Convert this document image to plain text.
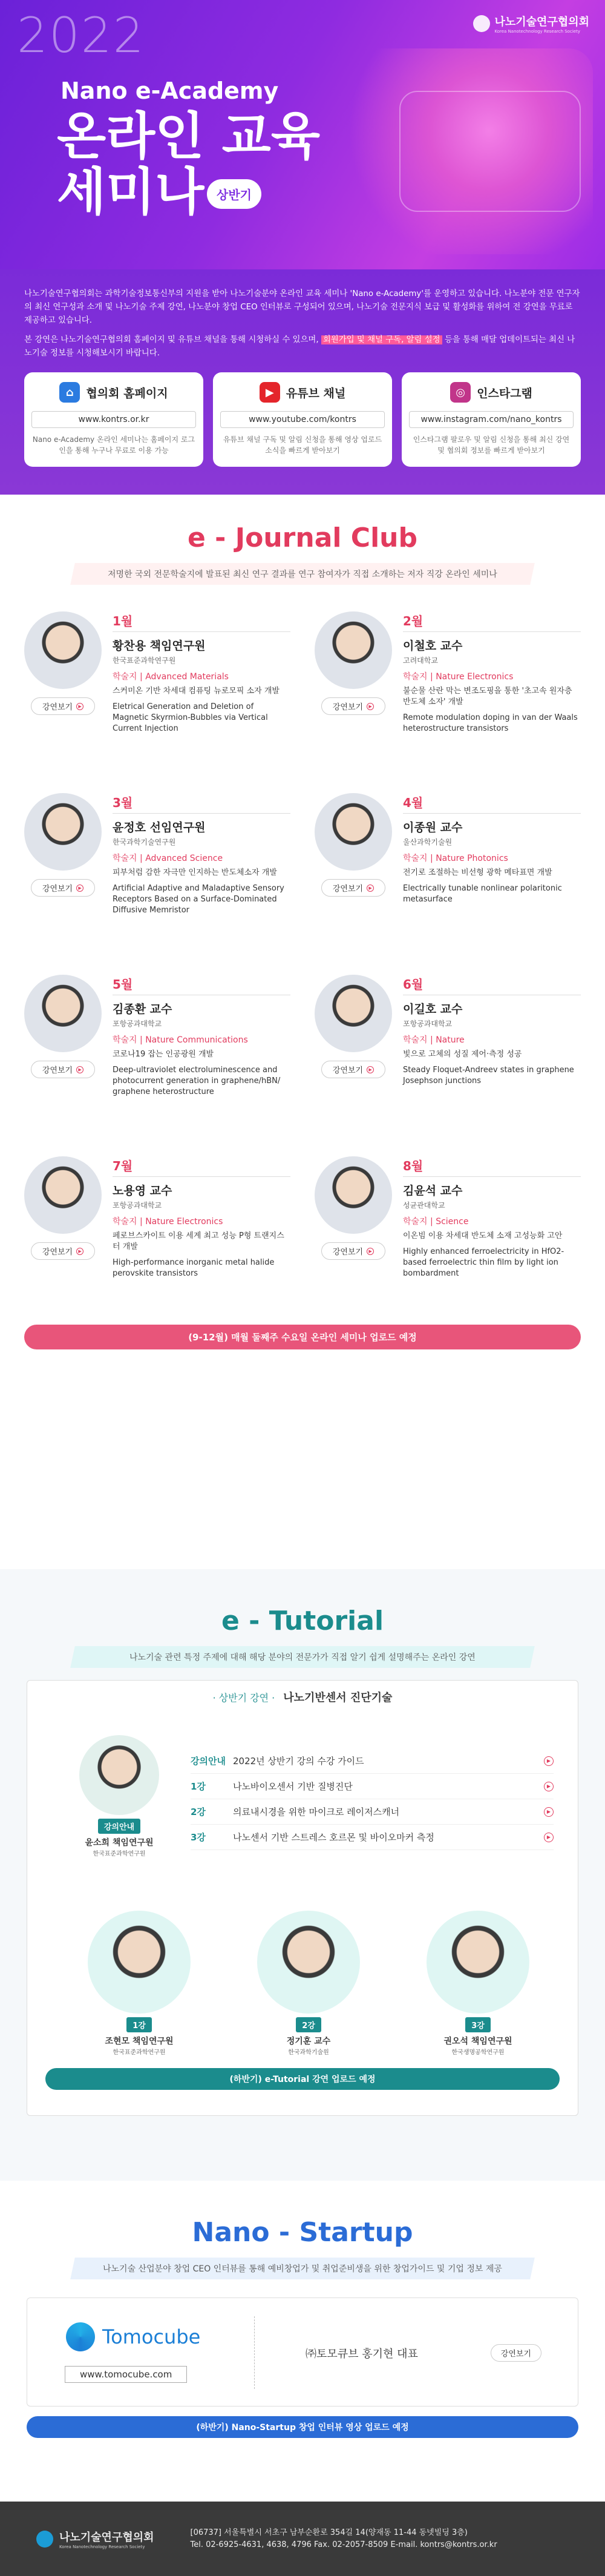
2022	나노기술연구협의회
Korea Nanotechnology Research Society
Nano e-Academy
온라인 교육
세미나	상반기

나노기술연구협의회는 과학기술정보통신부의 지원을 받아 나노기술분야 온라인 교육 세미나 'Nano e-Academy'를 운영하고 있습니다. 나노분야 전문 연구자의 최신 연구성과 소개 및 나노기술 주제 강연, 나노분야 창업 CEO 인터뷰로 구성되어 있으며, 나노기술 전문지식 보급 및 활성화를 위하여 전 강연을 무료로 제공하고 있습니다.

본 강연은 나노기술연구협의회 홈페이지 및 유튜브 채널을 통해 시청하실 수 있으며, 회원가입 및 채널 구독, 알림 설정 등을 통해 매달 업데이트되는 최신 나노기술 정보를 시청해보시기 바랍니다.

⌂	협의회 홈페이지
www.kontrs.or.kr
Nano e-Academy 온라인 세미나는 홈페이지 로그인을 통해 누구나 무료로 이용 가능
▶	유튜브 채널
www.youtube.com/kontrs
유튜브 채널 구독 및 알림 신청을 통해 영상 업로드 소식을 빠르게 받아보기
◎	인스타그램
www.instagram.com/nano_kontrs
인스타그램 팔로우 및 알림 신청을 통해 최신 강연 및 협의회 정보를 빠르게 받아보기
e - Journal Club
저명한 국외 전문학술지에 발표된 최신 연구 결과를 연구 참여자가 직접 소개하는 저자 직강 온라인 세미나
강연보기	▶
1월
황찬용 책임연구원
한국표준과학연구원
학술지 | Advanced Materials
스커미온 기반 차세대 컴퓨팅 뉴로모픽 소자 개발
Eletrical Generation and Deletion of Magnetic Skyrmion-Bubbles via Vertical Current Injection
강연보기	▶
2월
이철호 교수
고려대학교
학술지 | Nature Electronics
불순물 산란 막는 변조도핑을 통한 '초고속 원자층 반도체 소자' 개발
Remote modulation doping in van der Waals heterostructure transistors
강연보기	▶
3월
윤정호 선임연구원
한국과학기술연구원
학술지 | Advanced Science
피부처럼 감한 자극만 인지하는 반도체소자 개발
Artificial Adaptive and Maladaptive Sensory Receptors Based on a Surface-Dominated Diffusive Memristor
강연보기	▶
4월
이종원 교수
울산과학기술원
학술지 | Nature Photonics
전기로 조절하는 비선형 광학 메타표면 개발
Electrically tunable nonlinear polaritonic metasurface
강연보기	▶
5월
김종환 교수
포항공과대학교
학술지 | Nature Communications
코로나19 잡는 인공광원 개발
Deep-ultraviolet electroluminescence and photocurrent generation in graphene/hBN/ graphene heterostructure
강연보기	▶
6월
이길호 교수
포항공과대학교
학술지 | Nature
빛으로 고체의 성질 제어·측정 성공
Steady Floquet-Andreev states in graphene Josephson junctions
강연보기	▶
7월
노용영 교수
포항공과대학교
학술지 | Nature Electronics
페로브스카이트 이용 세계 최고 성능 P형 트랜지스터 개발
High-performance inorganic metal halide perovskite transistors
강연보기	▶
8월
김윤석 교수
성균관대학교
학술지 | Science
이온빔 이용 차세대 반도체 소재 고성능화 고안
Highly enhanced ferroelectricity in HfO2-based ferroelectric thin film by light ion bombardment
(9-12월) 매월 둘째주 수요일 온라인 세미나 업로드 예정
e - Tutorial
나노기술 관련 특정 주제에 대해 해당 분야의 전문가가 직접 알기 쉽게 설명해주는 온라인 강연
· 상반기 강연 · 나노기반센서 진단기술
강의안내
윤소희 책임연구원
한국표준과학연구원
강의안내 2022년 상반기 강의 수강 가이드	▶
1강	나노바이오센서 기반 질병진단	▶
2강	의료내시경을 위한 마이크로 레이저스캐너	▶
3강	나노센서 기반 스트레스 호르몬 및 바이오마커 측정	▶
1강
조현모 책임연구원
한국표준과학연구원
2강
정기훈 교수
한국과학기술원
3강
권오석 책임연구원
한국생명공학연구원
(하반기) e-Tutorial 강연 업로드 예정
Nano - Startup
나노기술 산업분야 창업 CEO 인터뷰를 통해 예비창업가 및 취업준비생을 위한 창업가이드 및 기업 정보 제공
Tomocube
www.tomocube.com
㈜토모큐브 홍기현 대표	강연보기
(하반기) Nano-Startup 창업 인터뷰 영상 업로드 예정
나노기술연구협의회
Korea Nanotechnology Research Society
[06737] 서울특별시 서초구 남부순환로 354길 14(양재동 11-44 동넷빌딩 3층)
Tel. 02-6925-4631, 4638, 4796 Fax. 02-2057-8509 E-mail. kontrs@kontrs.or.kr
